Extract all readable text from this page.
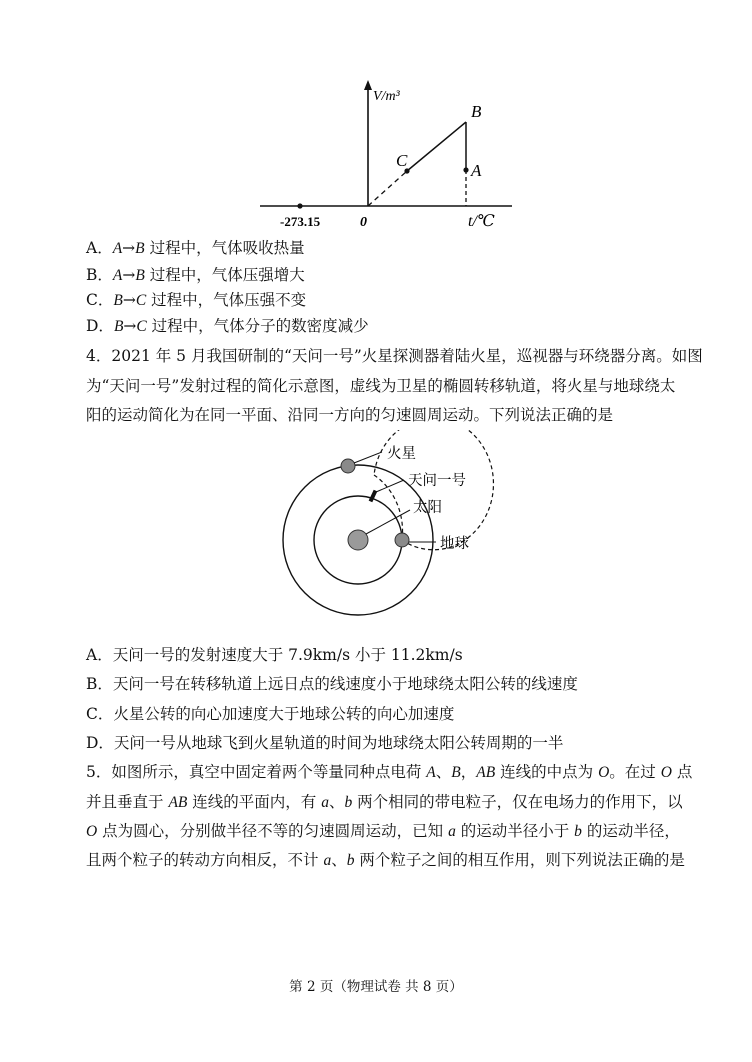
V/m³
B
C
A
-273.15	0	t/℃
A．A→B 过程中，气体吸收热量
B．A→B 过程中，气体压强增大
C．B→C 过程中，气体压强不变
D．B→C 过程中，气体分子的数密度减少
4．2021 年 5 月我国研制的“天问一号”火星探测器着陆火星，巡视器与环绕器分离。如图
为“天问一号”发射过程的简化示意图，虚线为卫星的椭圆转移轨道，将火星与地球绕太
阳的运动简化为在同一平面、沿同一方向的匀速圆周运动。下列说法正确的是
火星
天问一号
太阳
地球
A．天问一号的发射速度大于 7.9km/s 小于 11.2km/s
B．天问一号在转移轨道上远日点的线速度小于地球绕太阳公转的线速度
C．火星公转的向心加速度大于地球公转的向心加速度
D．天问一号从地球飞到火星轨道的时间为地球绕太阳公转周期的一半
5．如图所示，真空中固定着两个等量同种点电荷 A、B，AB 连线的中点为 O。在过 O 点
并且垂直于 AB 连线的平面内，有 a、b 两个相同的带电粒子，仅在电场力的作用下，以
O 点为圆心，分别做半径不等的匀速圆周运动，已知 a 的运动半径小于 b 的运动半径，
且两个粒子的转动方向相反，不计 a、b 两个粒子之间的相互作用，则下列说法正确的是
第 2 页（物理试卷 共 8 页）
